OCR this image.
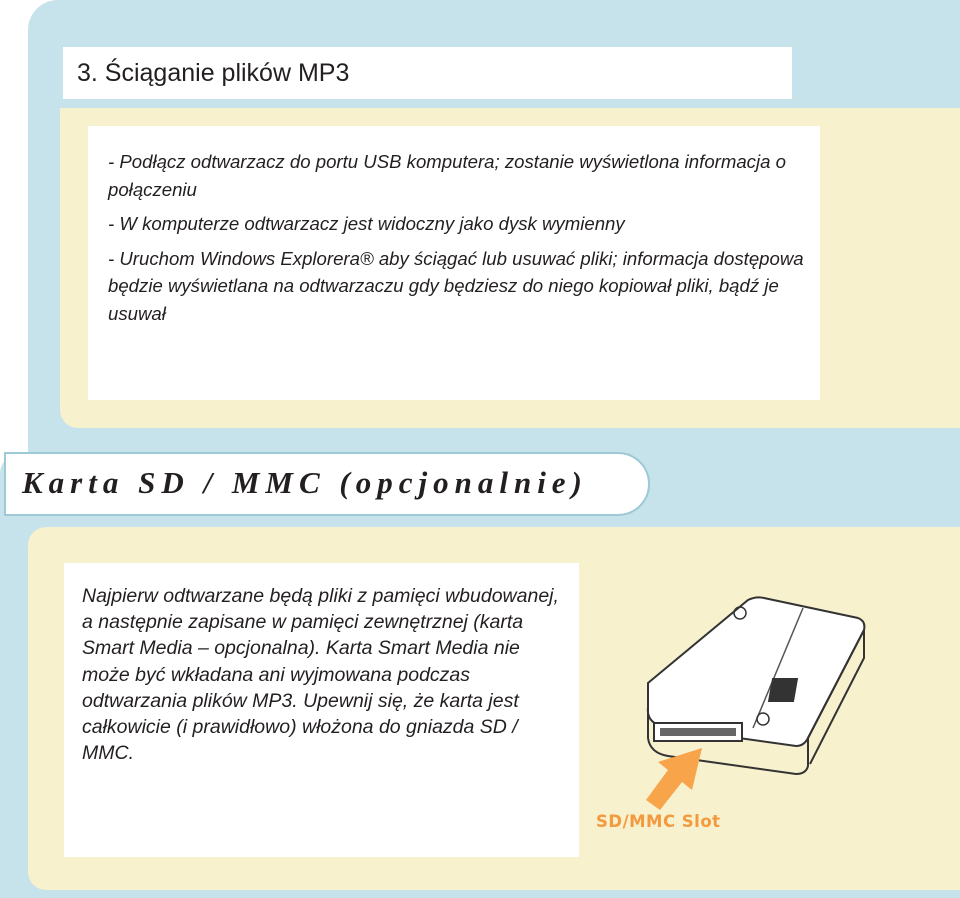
3. Ściąganie plików MP3

- Podłącz odtwarzacz do portu USB komputera; zostanie wyświetlona informacja o połączeniu

- W komputerze odtwarzacz jest widoczny jako dysk wymienny

- Uruchom Windows Explorera® aby ściągać lub usuwać pliki; informacja dostępowa będzie wyświetlana na odtwarzaczu gdy będziesz do niego kopiował pliki, bądź je usuwał

Karta SD / MMC (opcjonalnie)

Najpierw odtwarzane będą pliki z pamięci wbudowanej, a następnie zapisane w pamięci zewnętrznej (karta Smart Media – opcjonalna). Karta Smart Media nie może być wkładana ani wyjmowana podczas odtwarzania plików MP3. Upewnij się, że karta jest całkowicie (i prawidłowo) włożona do gniazda SD / MMC.

SD/MMC Slot
